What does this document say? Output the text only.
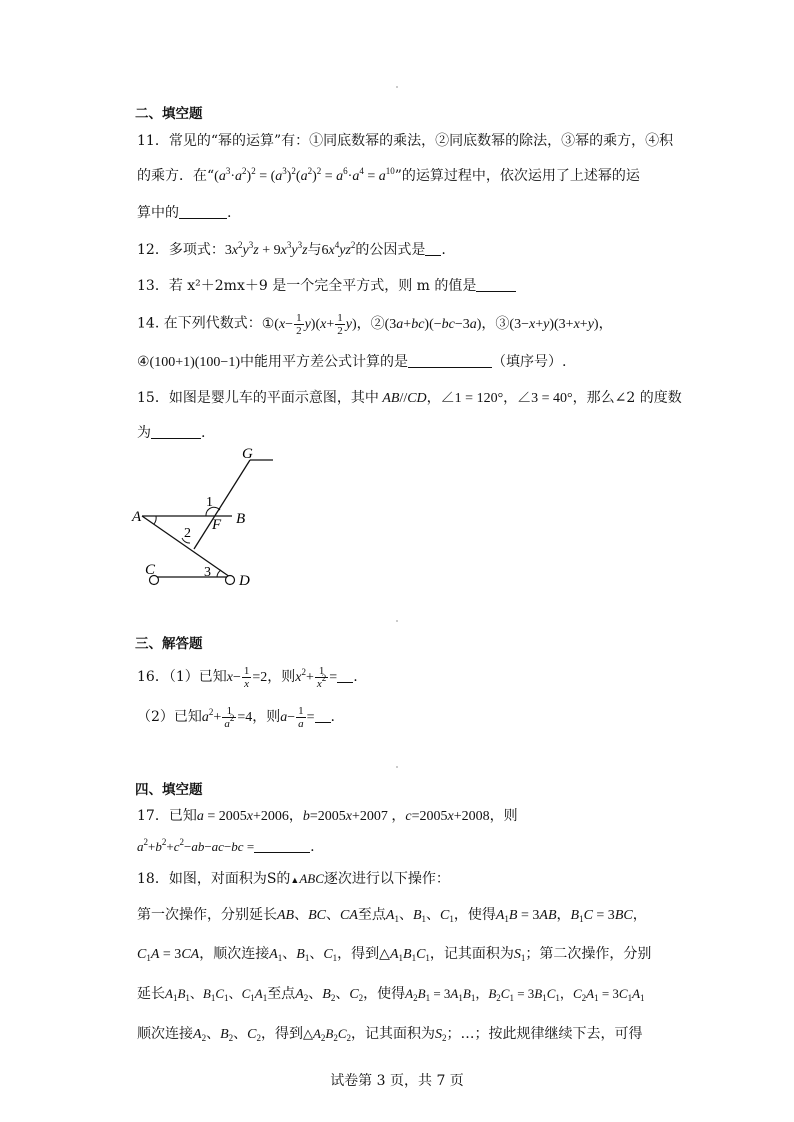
二、填空题
11．常见的“幂的运算”有：①同底数幂的乘法，②同底数幂的除法，③幂的乘方，④积
的乘方．在“$(a^3\cdot a^2)^2 = (a^3)^2(a^2)^2 = a^6\cdot a^4 = a^{10}$”的运算过程中，依次运用了上述幂的运
算中的	.
12．多项式：$3x^2y^3z + 9x^3y^3z$与$6x^4yz^2$的公因式是 .
13．若 x²＋2mx＋9 是一个完全平方式，则 m 的值是
14. 在下列代数式：①(x− $\frac{1}{2} y)(x+ \frac{1}{2} y)$，②(3a+bc)(−bc−3a)，③(3−x+y)(3+x+y)，
④(100+1)(100−1)中能用平方差公式计算的是	（填序号）.
15．如图是婴儿车的平面示意图，其中 AB//CD，∠1 = 120°，∠3 = 40°，那么∠2 的度数
为	.
G
1
A	B
F
2
C	3
D
三、解答题
16．（1）已知$x- \frac{1}{x} =2$，则$x^2+ \frac{1}{x^2}$ = .
（2）已知$a^2+ \frac{1}{a^2} =4$，则$a- \frac{1}{a}$ = .
四、填空题
17．已知a = 2005x+2006，b=2005x+2007 ，c=2005x+2008，则
$a^2+b^2+c^2-ab-ac-bc$ =	.
18．如图，对面积为S的▲ABC逐次进行以下操作：
第一次操作，分别延长AB、BC、CA至点$A_1$、$B_1$、$C_1$，使得$A_1B = 3AB$，$B_1C = 3BC$，
$C_1A = 3CA$，顺次连接$A_1$、$B_1$、$C_1$，得到$\triangle A_1B_1C_1$，记其面积为$S_1$；第二次操作，分别
延长$A_1B_1$、$B_1C_1$、$C_1A_1$至点$A_2$、$B_2$、$C_2$，使得$A_2B_1 = 3A_1B_1$，$B_2C_1 = 3B_1C_1$，$C_2A_1 = 3C_1A_1$
顺次连接$A_2$、$B_2$、$C_2$，得到$\triangle A_2B_2C_2$，记其面积为$S_2$；…；按此规律继续下去，可得
试卷第 3 页，共 7 页
